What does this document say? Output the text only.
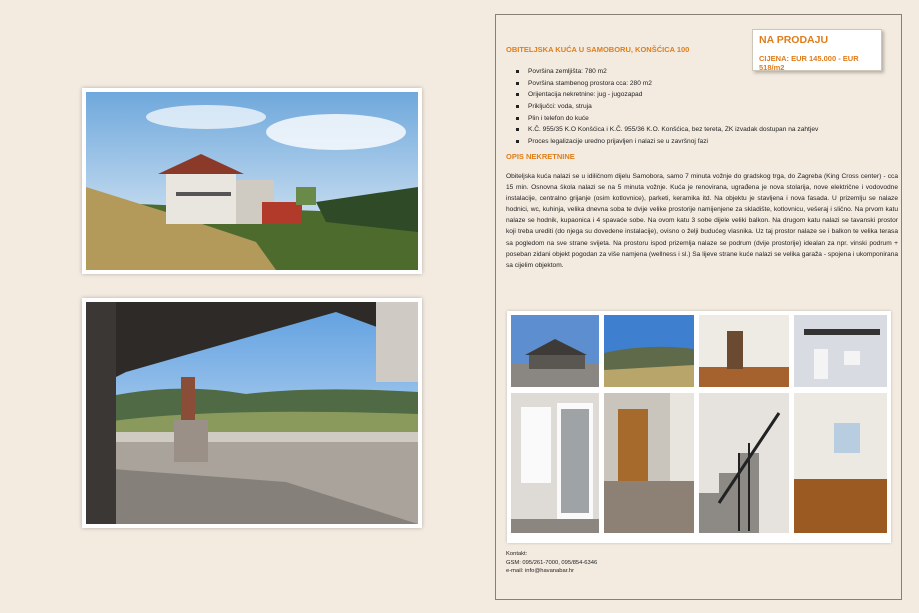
NA PRODAJU
CIJENA: EUR 145.000 - EUR 518/m2
OBITELJSKA KUĆA U SAMOBORU, KONŠĆICA 100
Površina zemljišta: 780 m2
Površina stambenog prostora cca: 280 m2
Orijentacija nekretnine: jug - jugozapad
Priključci: voda, struja
Plin i telefon do kuće
K.Č. 955/35 K.O Konšćica i K.Č. 955/36 K.O. Konšćica, bez tereta, ZK izvadak dostupan na zahtjev
Proces legalizacije uredno prijavljen i nalazi se u završnoj fazi
OPIS NEKRETNINE

Obiteljska kuća nalazi se u idiličnom dijelu Samobora, samo 7 minuta vožnje do gradskog trga, do Zagreba (King Cross center) - cca 15 min. Osnovna škola nalazi se na 5 minuta vožnje. Kuća je renovirana, ugrađena je nova stolarija, nove električne i vodovodne instalacije, centralno grijanje (osim kotlovnice), parketi, keramika itd. Na objektu je stavljena i nova fasada. U prizemlju se nalaze hodnici, wc, kuhinja, velika dnevna soba te dvije velike prostorije namijenjene za skladište, kotlovnicu, vešeraj i slično. Na prvom katu nalaze se hodnik, kupaonica i 4 spavaće sobe. Na ovom katu 3 sobe dijele veliki balkon. Na drugom katu nalazi se tavanski prostor koji treba urediti (do njega su dovedene instalacije), ovisno o želji budućeg vlasnika. Uz taj prostor nalaze se i balkon te velika terasa sa pogledom na sve strane svijeta. Na prostoru ispod prizemlja nalaze se podrum (dvije prostorije) idealan za npr. vinski podrum + poseban zidani objekt pogodan za više namjena (wellness i sl.) Sa lijeve strane kuće nalazi se velika garaža - spojena i ukomponirana sa cijelim objektom.

Kontakt:
GSM: 095/261-7000, 095/854-6346
e-mail: info@havanabar.hr
